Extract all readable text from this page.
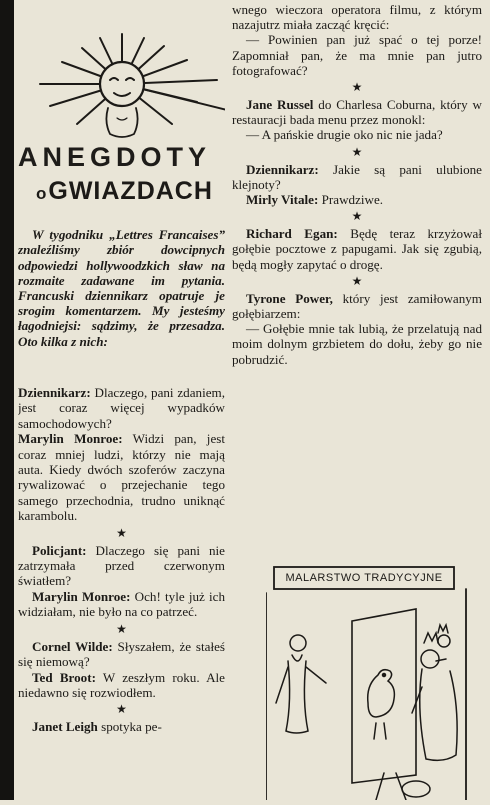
ANEGDOTY
oGWIAZDACH

W tygodniku „Lettres Francaises” znaleźliśmy zbiór dowcipnych odpowiedzi hollywoodzkich sław na rozmaite zadawane im pytania. Francuski dziennikarz opatruje je srogim komentarzem. My jesteśmy łagodniejsi: sądzimy, że przesadza. Oto kilka z nich:

Dziennikarz: Dlaczego, pani zdaniem, jest coraz więcej wypadków samochodowych?

Marylin Monroe: Widzi pan, jest coraz mniej ludzi, którzy nie mają auta. Kiedy dwóch szoferów zaczyna rywalizować o przejechanie tego samego przechodnia, trudno uniknąć karambolu.

★

Policjant: Dlaczego się pani nie zatrzymała przed czerwonym światłem?

Marylin Monroe: Och! tyle już ich widziałam, nie było na co patrzeć.

★

Cornel Wilde: Słyszałem, że stałeś się niemową?

Ted Broot: W zeszłym roku. Ale niedawno się rozwiodłem.

★

Janet Leigh spotyka pe-

wnego wieczora operatora filmu, z którym nazajutrz miała zacząć kręcić:

— Powinien pan już spać o tej porze! Zapomniał pan, że ma mnie pan jutro fotografować?

★

Jane Russel do Charlesa Coburna, który w restauracji bada menu przez monokl:

— A pańskie drugie oko nic nie jada?

★

Dziennikarz: Jakie są pani ulubione klejnoty?

Mirly Vitale: Prawdziwe.

★

Richard Egan: Będę teraz krzyżował gołębie pocztowe z papugami. Jak się zgubią, będą mogły zapytać o drogę.

★

Tyrone Power, który jest zamiłowanym gołębiarzem:

— Gołębie mnie tak lubią, że przelatują nad moim dolnym grzbietem do dołu, żeby go nie pobrudzić.

MALARSTWO TRADYCYJNE
